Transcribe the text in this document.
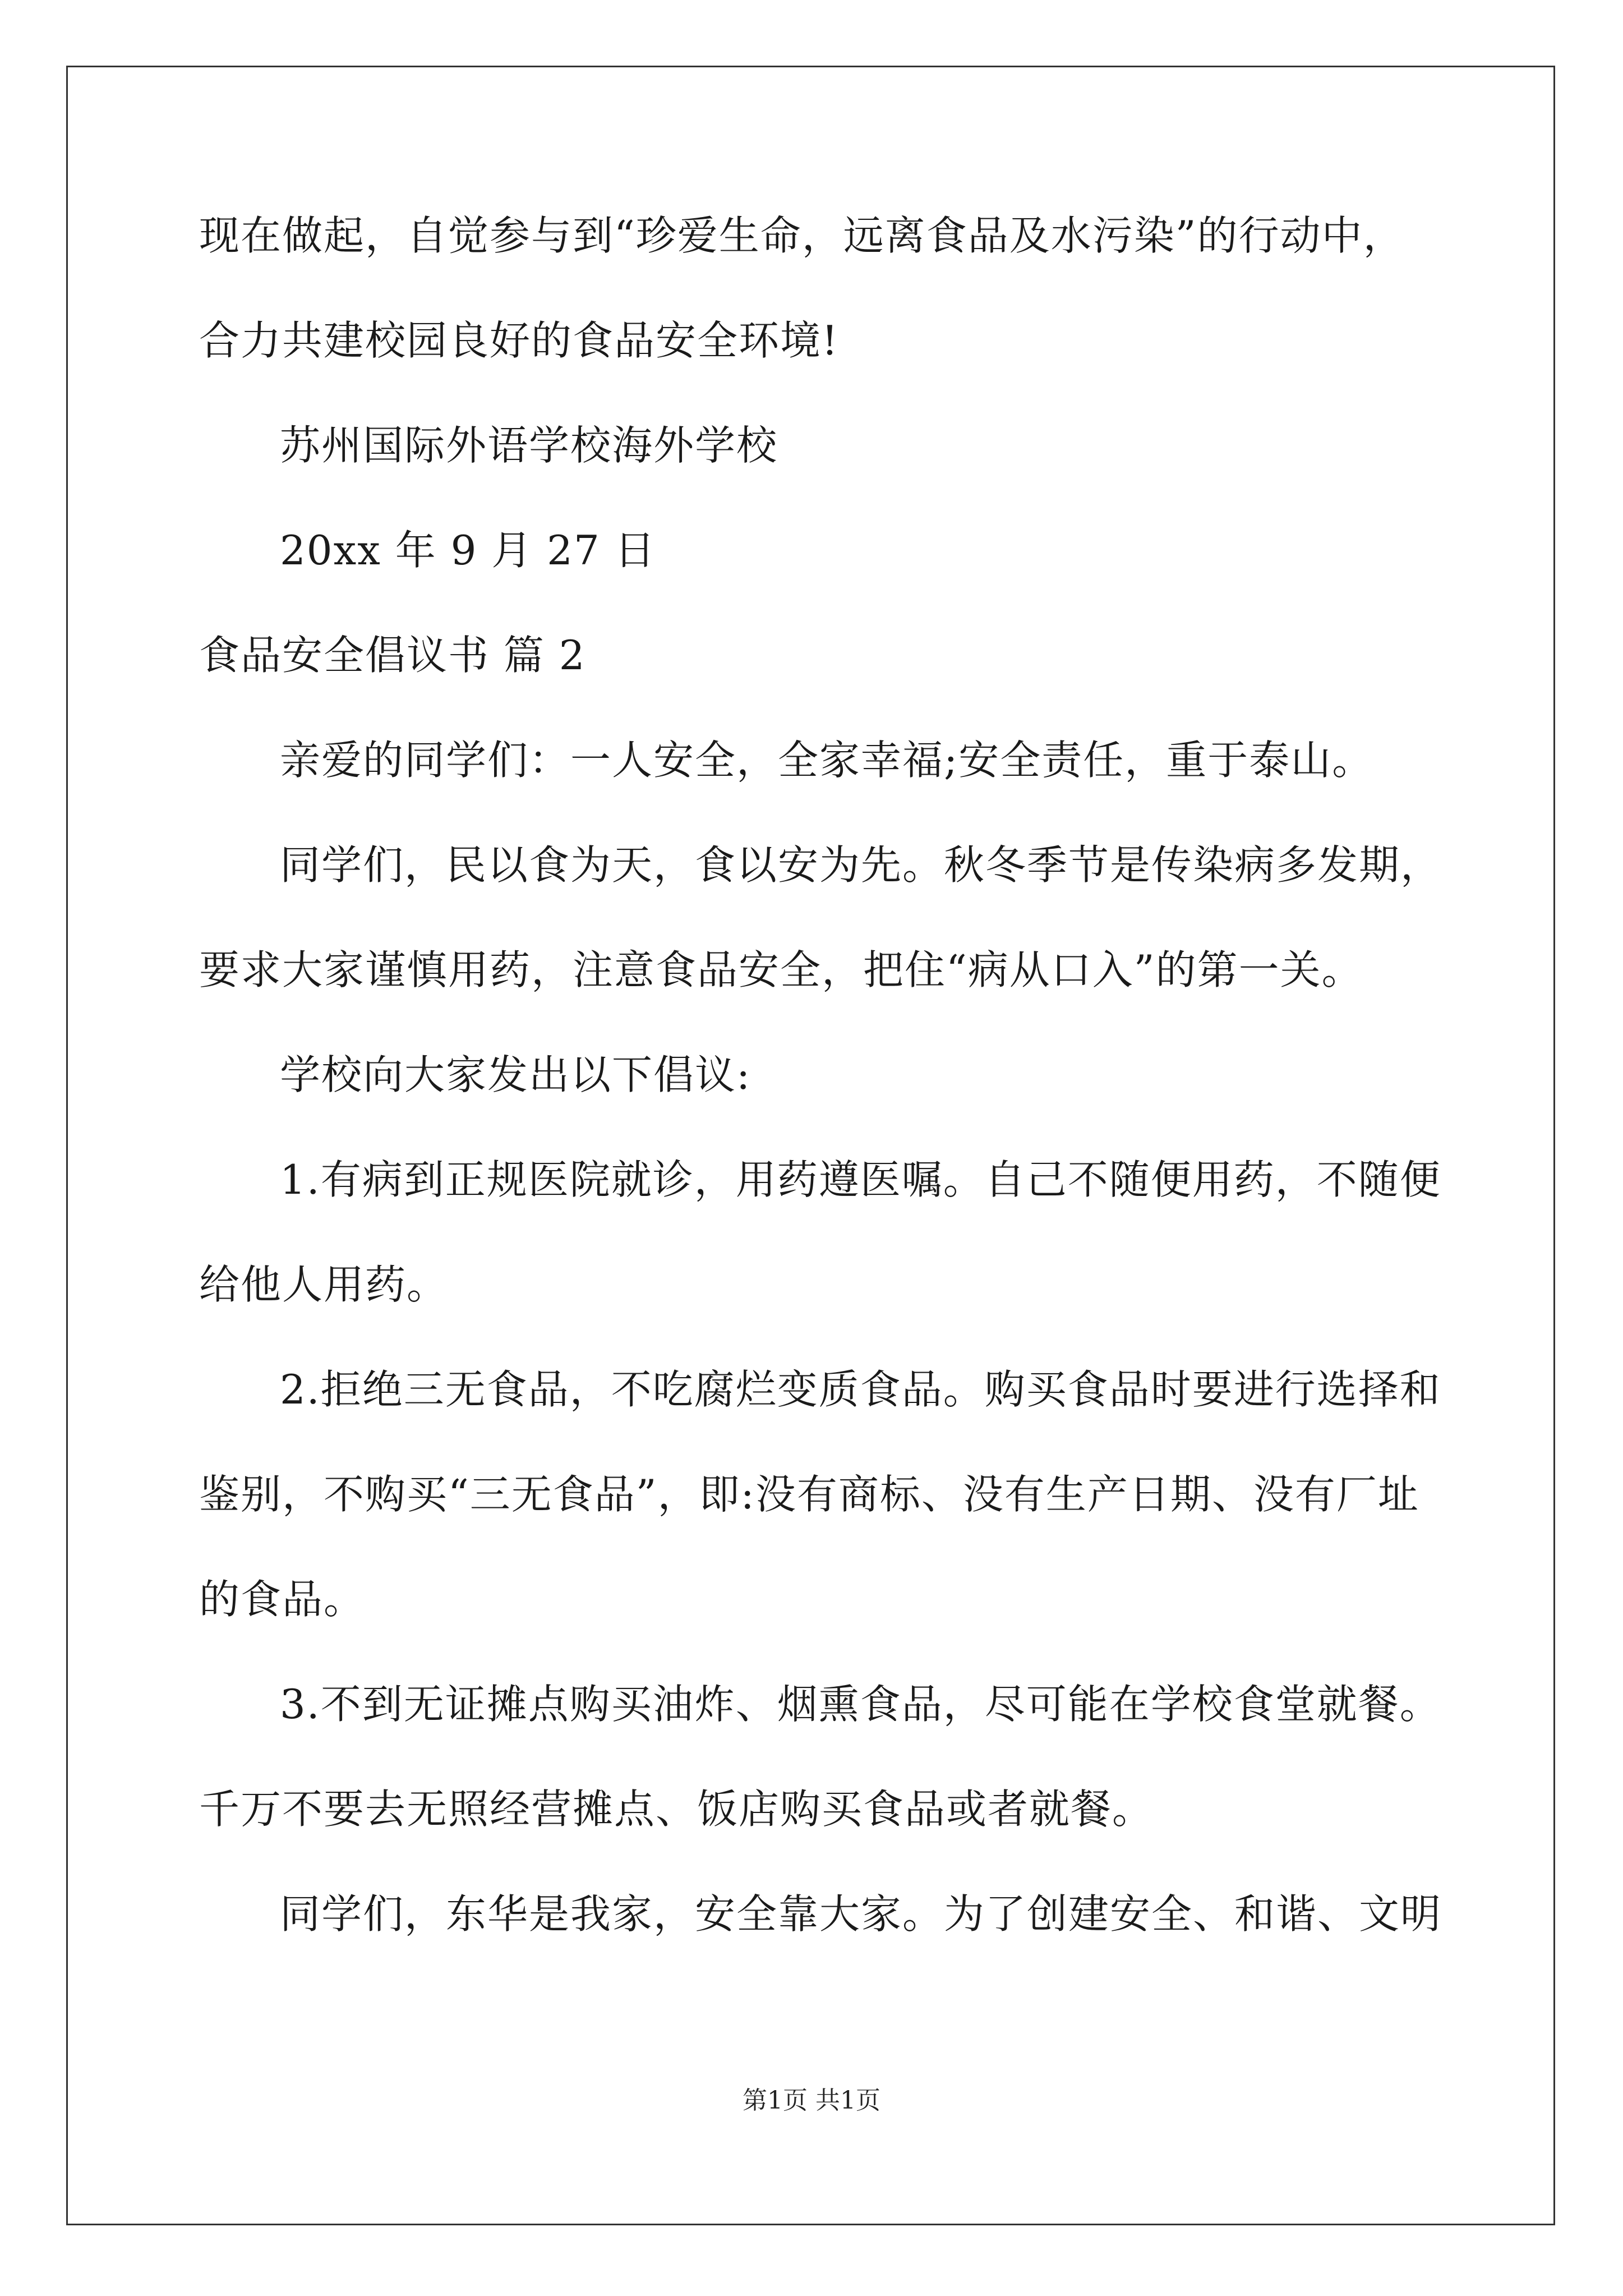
现在做起，自觉参与到“珍爱生命，远离食品及水污染”的行动中，
合力共建校园良好的食品安全环境!
苏州国际外语学校海外学校
20xx 年 9 月 27 日
食品安全倡议书 篇 2
亲爱的同学们：一人安全，全家幸福;安全责任，重于泰山。
同学们，民以食为天，食以安为先。秋冬季节是传染病多发期，
要求大家谨慎用药，注意食品安全，把住“病从口入”的第一关。
学校向大家发出以下倡议:
1.有病到正规医院就诊，用药遵医嘱。自己不随便用药，不随便
给他人用药。
2.拒绝三无食品，不吃腐烂变质食品。购买食品时要进行选择和
鉴别，不购买“三无食品”，即:没有商标、没有生产日期、没有厂址
的食品。
3.不到无证摊点购买油炸、烟熏食品，尽可能在学校食堂就餐。
千万不要去无照经营摊点、饭店购买食品或者就餐。
同学们，东华是我家，安全靠大家。为了创建安全、和谐、文明
第1页 共1页
